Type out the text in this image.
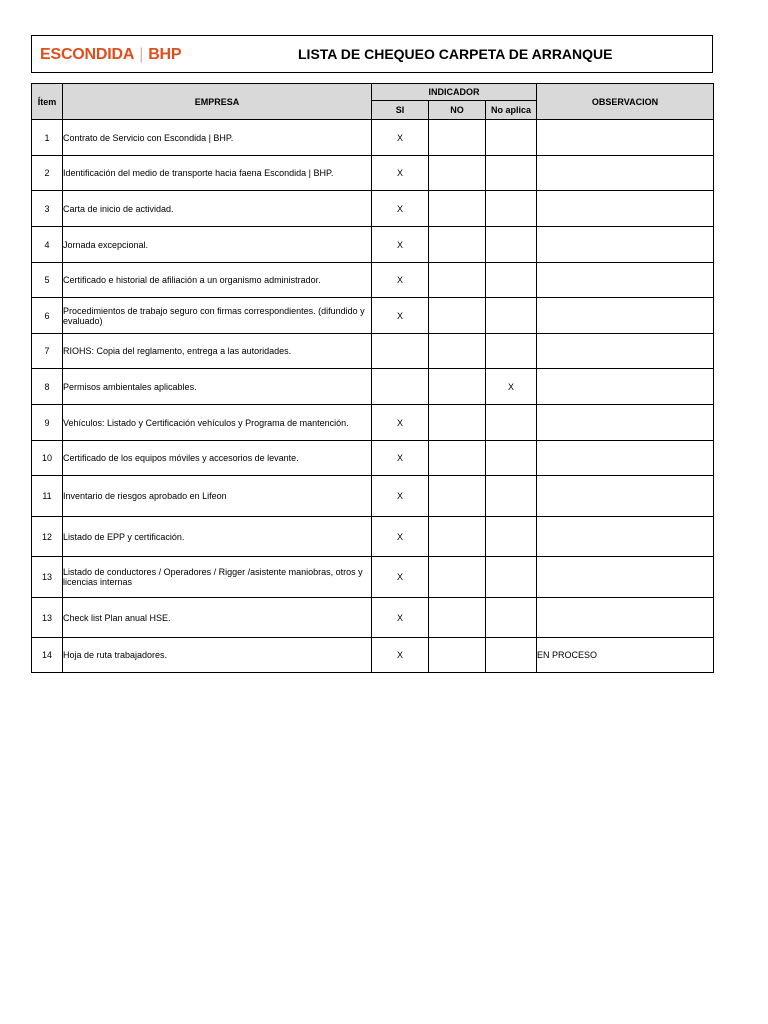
ESCONDIDA | BHP	LISTA DE CHEQUEO CARPETA DE ARRANQUE
Ítem	EMPRESA	INDICADOR			OBSERVACION
		SI	NO	No aplica	
1	Contrato de Servicio con Escondida | BHP.	X			
2	Identificación del medio de transporte hacia faena Escondida | BHP.	X			
3	Carta de inicio de actividad.	X			
4	Jornada excepcional.	X			
5	Certificado e historial de afiliación a un organismo administrador.	X			
6	Procedimientos de trabajo seguro con firmas correspondientes. (difundido y evaluado)	X			
7	RIOHS: Copia del reglamento, entrega a las autoridades.				
8	Permisos ambientales aplicables.			X	
9	Vehículos: Listado y Certificación vehículos y Programa de mantención.	X			
10	Certificado de los equipos móviles y accesorios de levante.	X			
11	Inventario de riesgos aprobado en Lifeon	X			
12	Listado de EPP y certificación.	X			
13	Listado de conductores / Operadores / Rigger /asistente maniobras, otros y licencias internas	X			
13	Check list Plan anual HSE.	X			
14	Hoja de ruta trabajadores.	X			EN PROCESO
